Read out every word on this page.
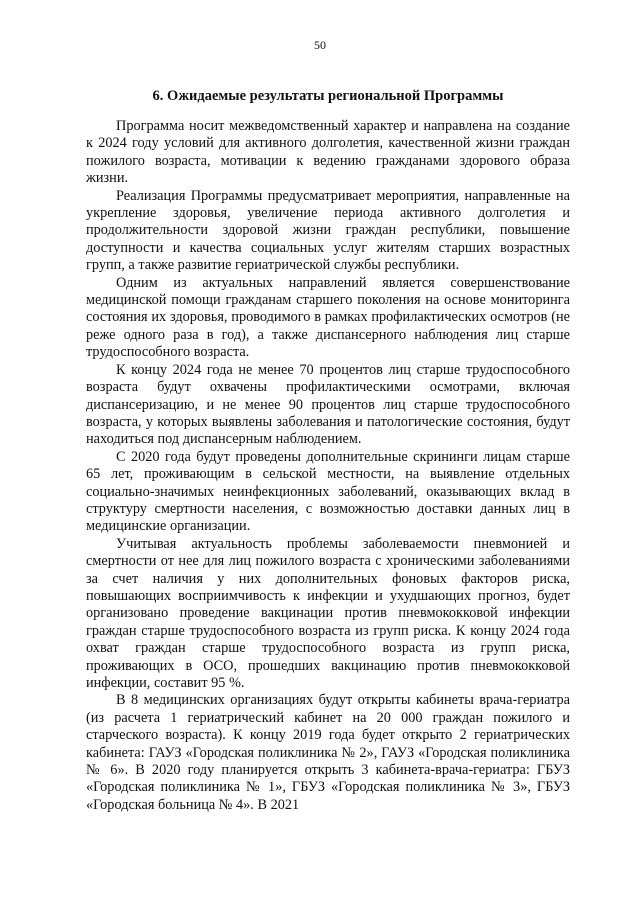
50
6. Ожидаемые результаты региональной Программы

Программа носит межведомственный характер и направлена на создание к 2024 году условий для активного долголетия, качественной жизни граждан пожилого возраста, мотивации к ведению гражданами здорового образа жизни.

Реализация Программы предусматривает мероприятия, направленные на укрепление здоровья, увеличение периода активного долголетия и продолжительности здоровой жизни граждан республики, повышение доступности и качества социальных услуг жителям старших возрастных групп, а также развитие гериатрической службы республики.

Одним из актуальных направлений является совершенствование медицинской помощи гражданам старшего поколения на основе мониторинга состояния их здоровья, проводимого в рамках профилактических осмотров (не реже одного раза в год), а также диспансерного наблюдения лиц старше трудоспособного возраста.

К концу 2024 года не менее 70 процентов лиц старше трудоспособного возраста будут охвачены профилактическими осмотрами, включая диспансеризацию, и не менее 90 процентов лиц старше трудоспособного возраста, у которых выявлены заболевания и патологические состояния, будут находиться под диспансерным наблюдением.

С 2020 года будут проведены дополнительные скрининги лицам старше 65 лет, проживающим в сельской местности, на выявление отдельных социально-значимых неинфекционных заболеваний, оказывающих вклад в структуру смертности населения, с возможностью доставки данных лиц в медицинские организации.

Учитывая актуальность проблемы заболеваемости пневмонией и смертности от нее для лиц пожилого возраста с хроническими заболеваниями за счет наличия у них дополнительных фоновых факторов риска, повышающих восприимчивость к инфекции и ухудшающих прогноз, будет организовано проведение вакцинации против пневмококковой инфекции граждан старше трудоспособного возраста из групп риска. К концу 2024 года охват граждан старше трудоспособного возраста из групп риска, проживающих в ОСО, прошедших вакцинацию против пневмококковой инфекции, составит 95 %.

В 8 медицинских организациях будут открыты кабинеты врача-гериатра (из расчета 1 гериатрический кабинет на 20 000 граждан пожилого и старческого возраста). К концу 2019 года будет открыто 2 гериатрических кабинета: ГАУЗ «Городская поликлиника № 2», ГАУЗ «Городская поликлиника № 6». В 2020 году планируется открыть 3 кабинета-врача-гериатра: ГБУЗ «Городская поликлиника № 1», ГБУЗ «Городская поликлиника № 3», ГБУЗ «Городская больница № 4». В 2021
